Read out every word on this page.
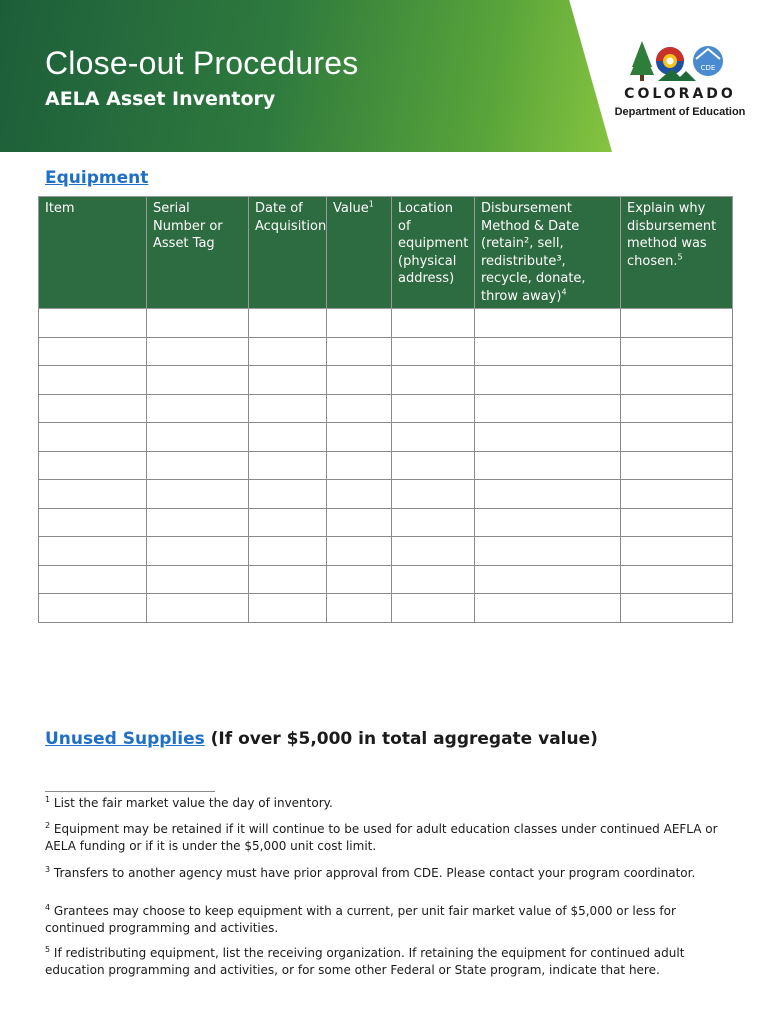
Close-out Procedures
AELA Asset Inventory
CDE
COLORADO
Department of Education
Equipment
Item	Serial Number or Asset Tag	Date of Acquisition	Value$^1$	Location of equipment (physical address)	Disbursement Method & Date (retain², sell, redistribute³, recycle, donate, throw away)$^4$	Explain why disbursement method was chosen.$^5$

Unused Supplies (If over $5,000 in total aggregate value)
$^1$ List the fair market value the day of inventory.
$^2$ Equipment may be retained if it will continue to be used for adult education classes under continued AEFLA or AELA funding or if it is under the $5,000 unit cost limit.
$^3$ Transfers to another agency must have prior approval from CDE. Please contact your program coordinator.
$^4$ Grantees may choose to keep equipment with a current, per unit fair market value of $5,000 or less for continued programming and activities.
$^5$ If redistributing equipment, list the receiving organization. If retaining the equipment for continued adult education programming and activities, or for some other Federal or State program, indicate that here.
